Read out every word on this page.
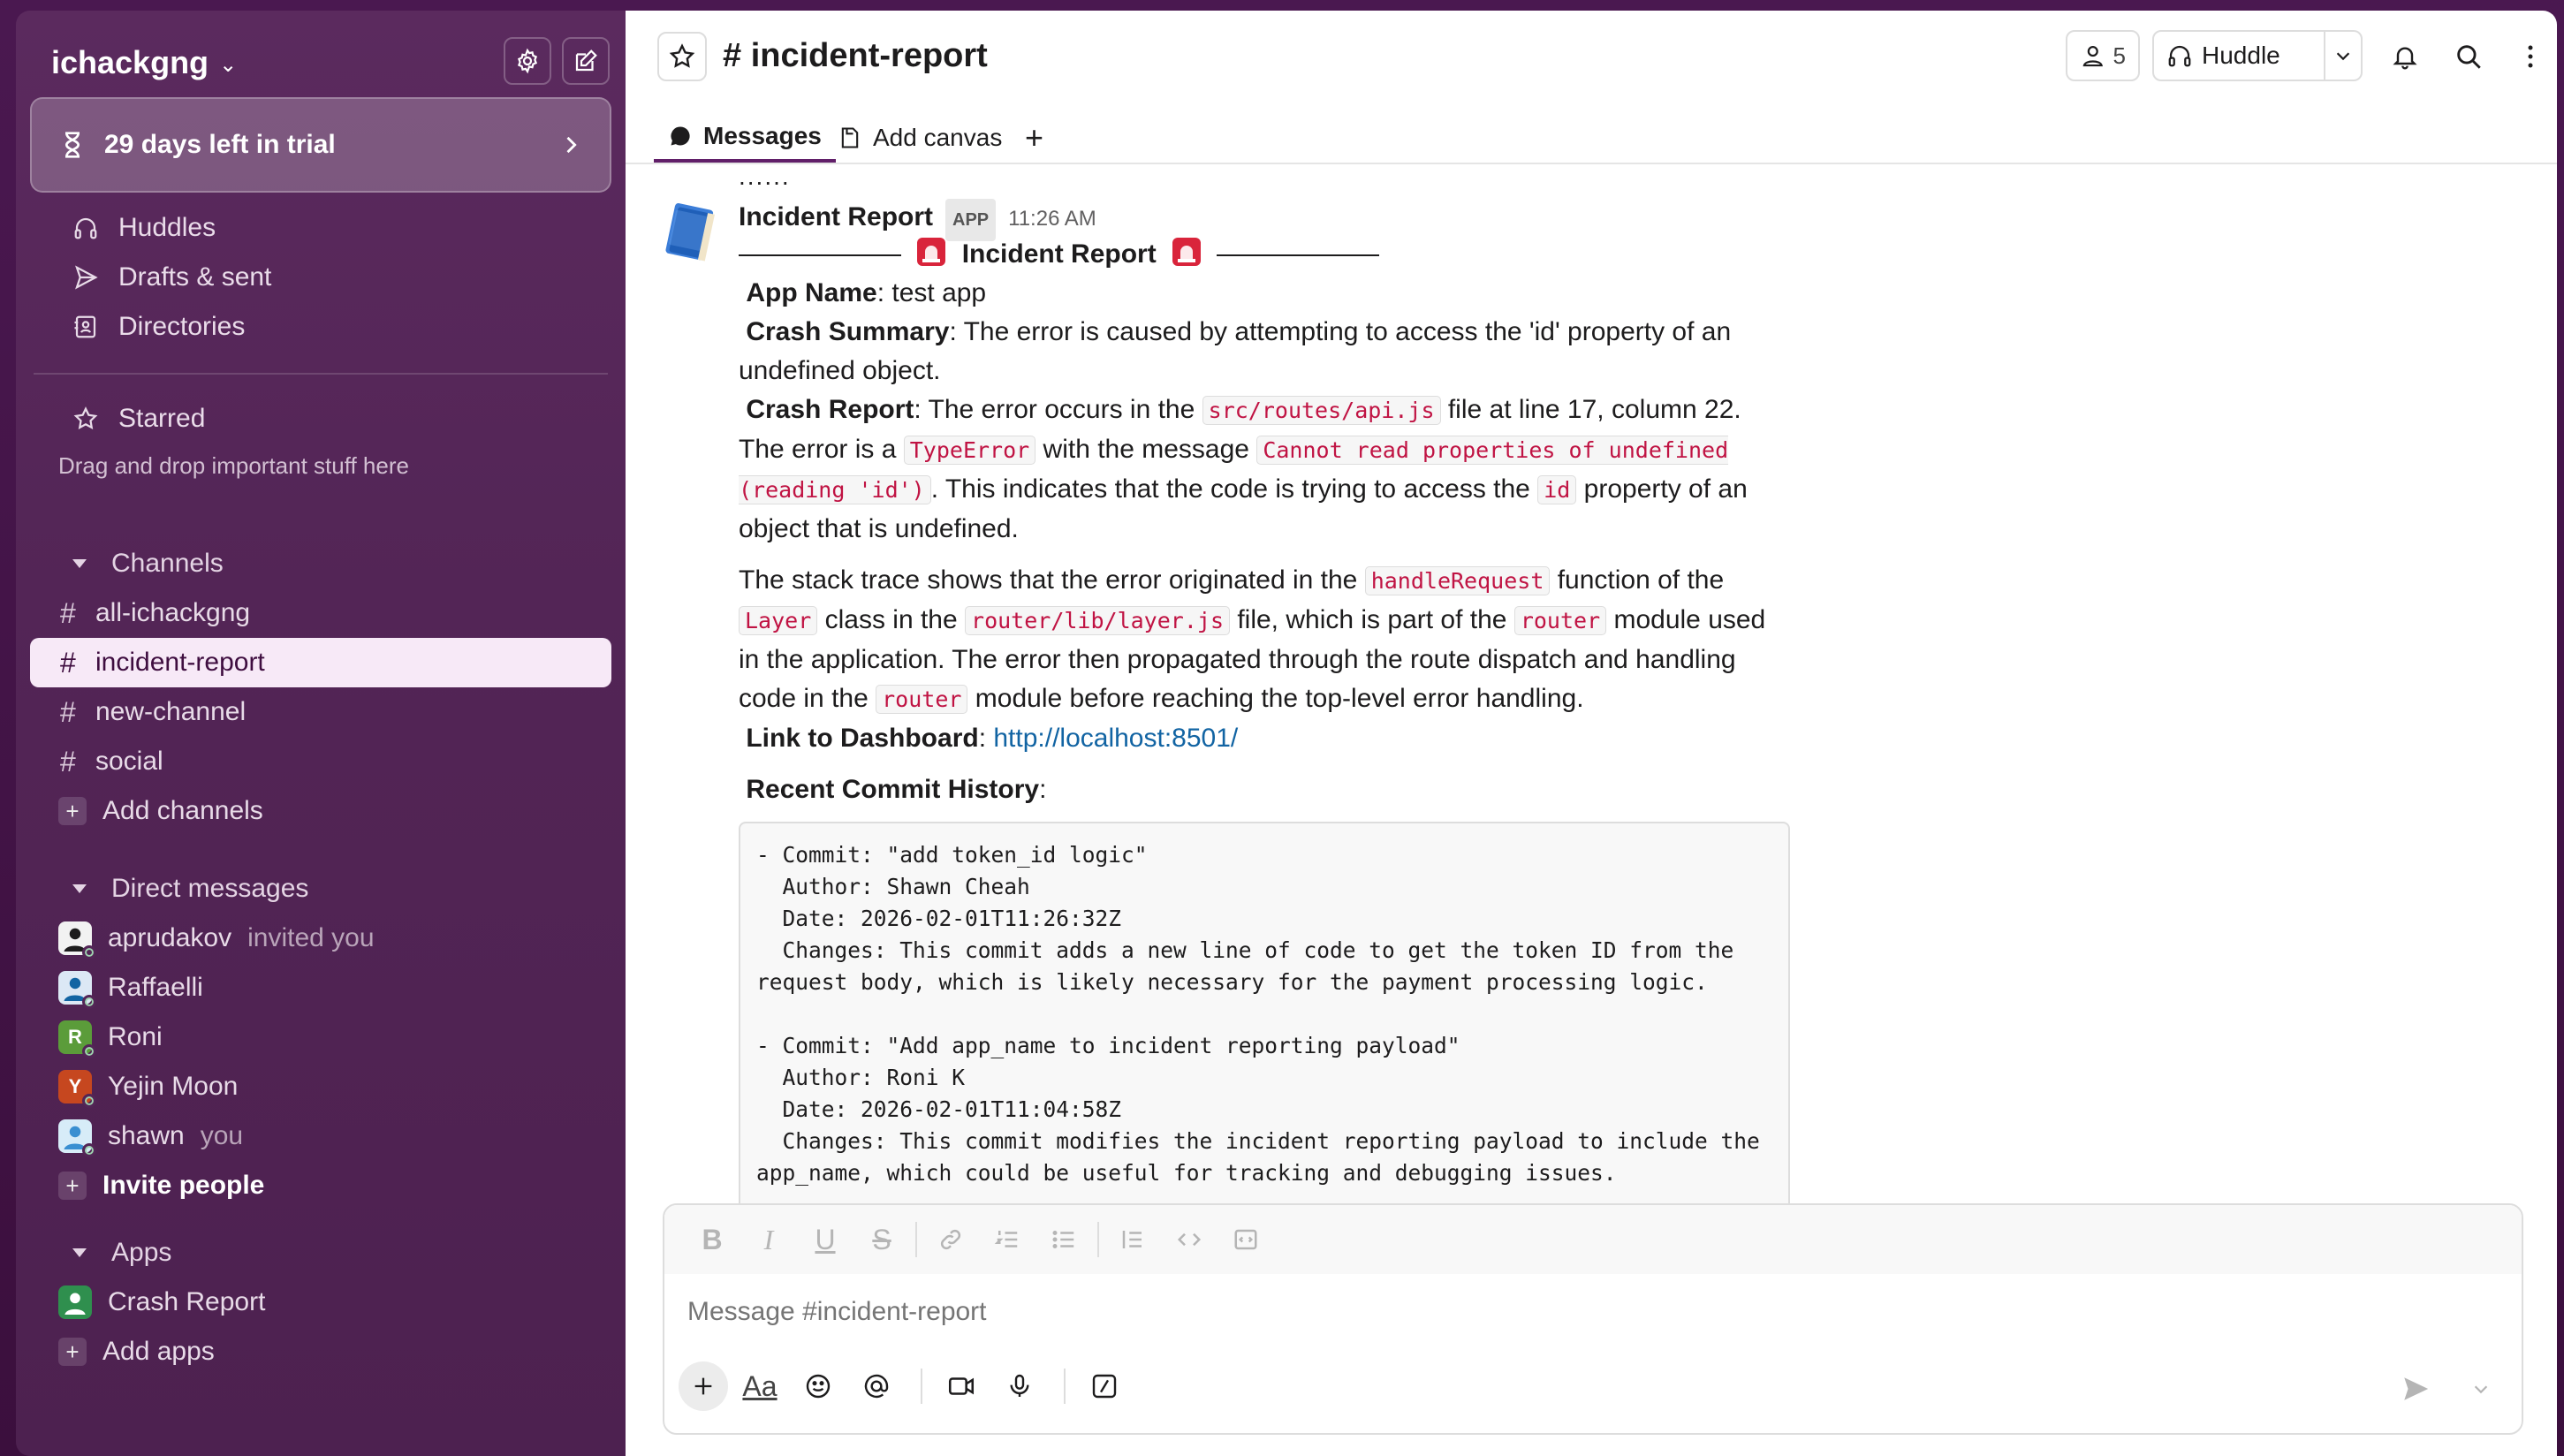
ichackgng ⌄
29 days left in trial
Huddles
Drafts & sent
Directories
Starred
Drag and drop important stuff here
Channels
# all-ichackgng
# incident-report
# new-channel
# social
+ Add channels
Direct messages
aprudakov invited you
Raffaelli
R Roni
Y Yejin Moon
shawn you
+ Invite people
Apps
Crash Report
+ Add apps
# incident-report	5	Huddle
Messages Add canvas +
......
Incident Report	APP 11:26 AM
Incident Report
App Name: test app
Crash Summary: The error is caused by attempting to access the 'id' property of an undefined object.
Crash Report: The error occurs in the src/routes/api.js file at line 17, column 22. The error is a TypeError with the message Cannot read properties of undefined (reading 'id') . This indicates that the code is trying to access the id property of an object that is undefined.
The stack trace shows that the error originated in the handleRequest function of the Layer class in the router/lib/layer.js file, which is part of the router module used in the application. The error then propagated through the route dispatch and handling code in the router module before reaching the top-level error handling.
Link to Dashboard: http://localhost:8501/
Recent Commit History:
- Commit: "add token_id logic"
Author: Shawn Cheah
Date: 2026-02-01T11:26:32Z
Changes: This commit adds a new line of code to get the token ID from the request body, which is likely necessary for the payment processing logic.

- Commit: "Add app_name to incident reporting payload"
Author: Roni K
Date: 2026-02-01T11:04:58Z
Changes: This commit modifies the incident reporting payload to include the app_name, which could be useful for tracking and debugging issues.
B	I	U	S
Message #incident-report
Aa
